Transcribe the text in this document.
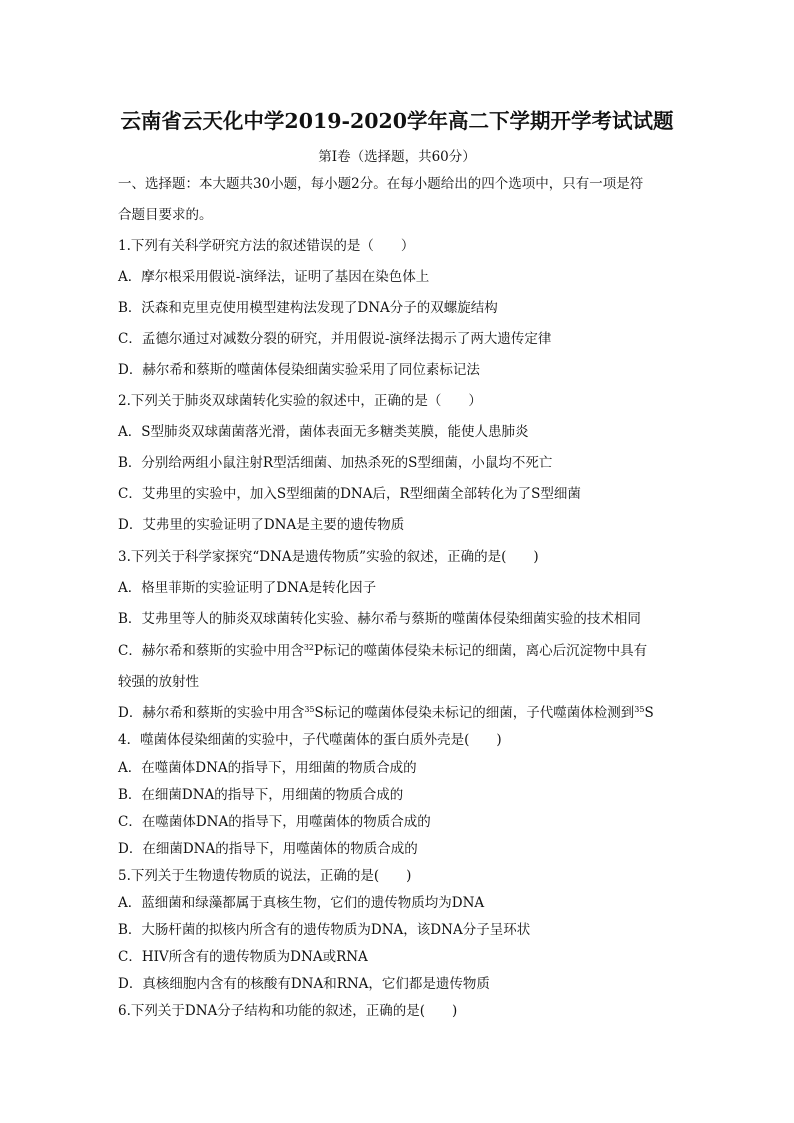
云南省云天化中学2019-2020学年高二下学期开学考试试题
第Ⅰ卷（选择题，共60分）
一、选择题：本大题共30小题，每小题2分。在每小题给出的四个选项中，只有一项是符
合题目要求的。
1.下列有关科学研究方法的叙述错误的是（　　）
A．摩尔根采用假说-演绎法，证明了基因在染色体上
B．沃森和克里克使用模型建构法发现了DNA分子的双螺旋结构
C．孟德尔通过对减数分裂的研究，并用假说-演绎法揭示了两大遗传定律
D．赫尔希和蔡斯的噬菌体侵染细菌实验采用了同位素标记法
2.下列关于肺炎双球菌转化实验的叙述中，正确的是（　　）
A．S型肺炎双球菌菌落光滑，菌体表面无多糖类荚膜，能使人患肺炎
B．分别给两组小鼠注射R型活细菌、加热杀死的S型细菌，小鼠均不死亡
C．艾弗里的实验中，加入S型细菌的DNA后，R型细菌全部转化为了S型细菌
D．艾弗里的实验证明了DNA是主要的遗传物质
3.下列关于科学家探究“DNA是遗传物质”实验的叙述，正确的是(　　)
A．格里菲斯的实验证明了DNA是转化因子
B．艾弗里等人的肺炎双球菌转化实验、赫尔希与蔡斯的噬菌体侵染细菌实验的技术相同
C．赫尔希和蔡斯的实验中用含$^{32}$P标记的噬菌体侵染未标记的细菌，离心后沉淀物中具有
较强的放射性
D．赫尔希和蔡斯的实验中用含$^{35}$S标记的噬菌体侵染未标记的细菌，子代噬菌体检测到$^{35}$S
4．噬菌体侵染细菌的实验中，子代噬菌体的蛋白质外壳是(　　)
A．在噬菌体DNA的指导下，用细菌的物质合成的
B．在细菌DNA的指导下，用细菌的物质合成的
C．在噬菌体DNA的指导下，用噬菌体的物质合成的
D．在细菌DNA的指导下，用噬菌体的物质合成的
5.下列关于生物遗传物质的说法，正确的是(　　)
A．蓝细菌和绿藻都属于真核生物，它们的遗传物质均为DNA
B．大肠杆菌的拟核内所含有的遗传物质为DNA，该DNA分子呈环状
C．HIV所含有的遗传物质为DNA或RNA
D．真核细胞内含有的核酸有DNA和RNA，它们都是遗传物质
6.下列关于DNA分子结构和功能的叙述，正确的是(　　)
